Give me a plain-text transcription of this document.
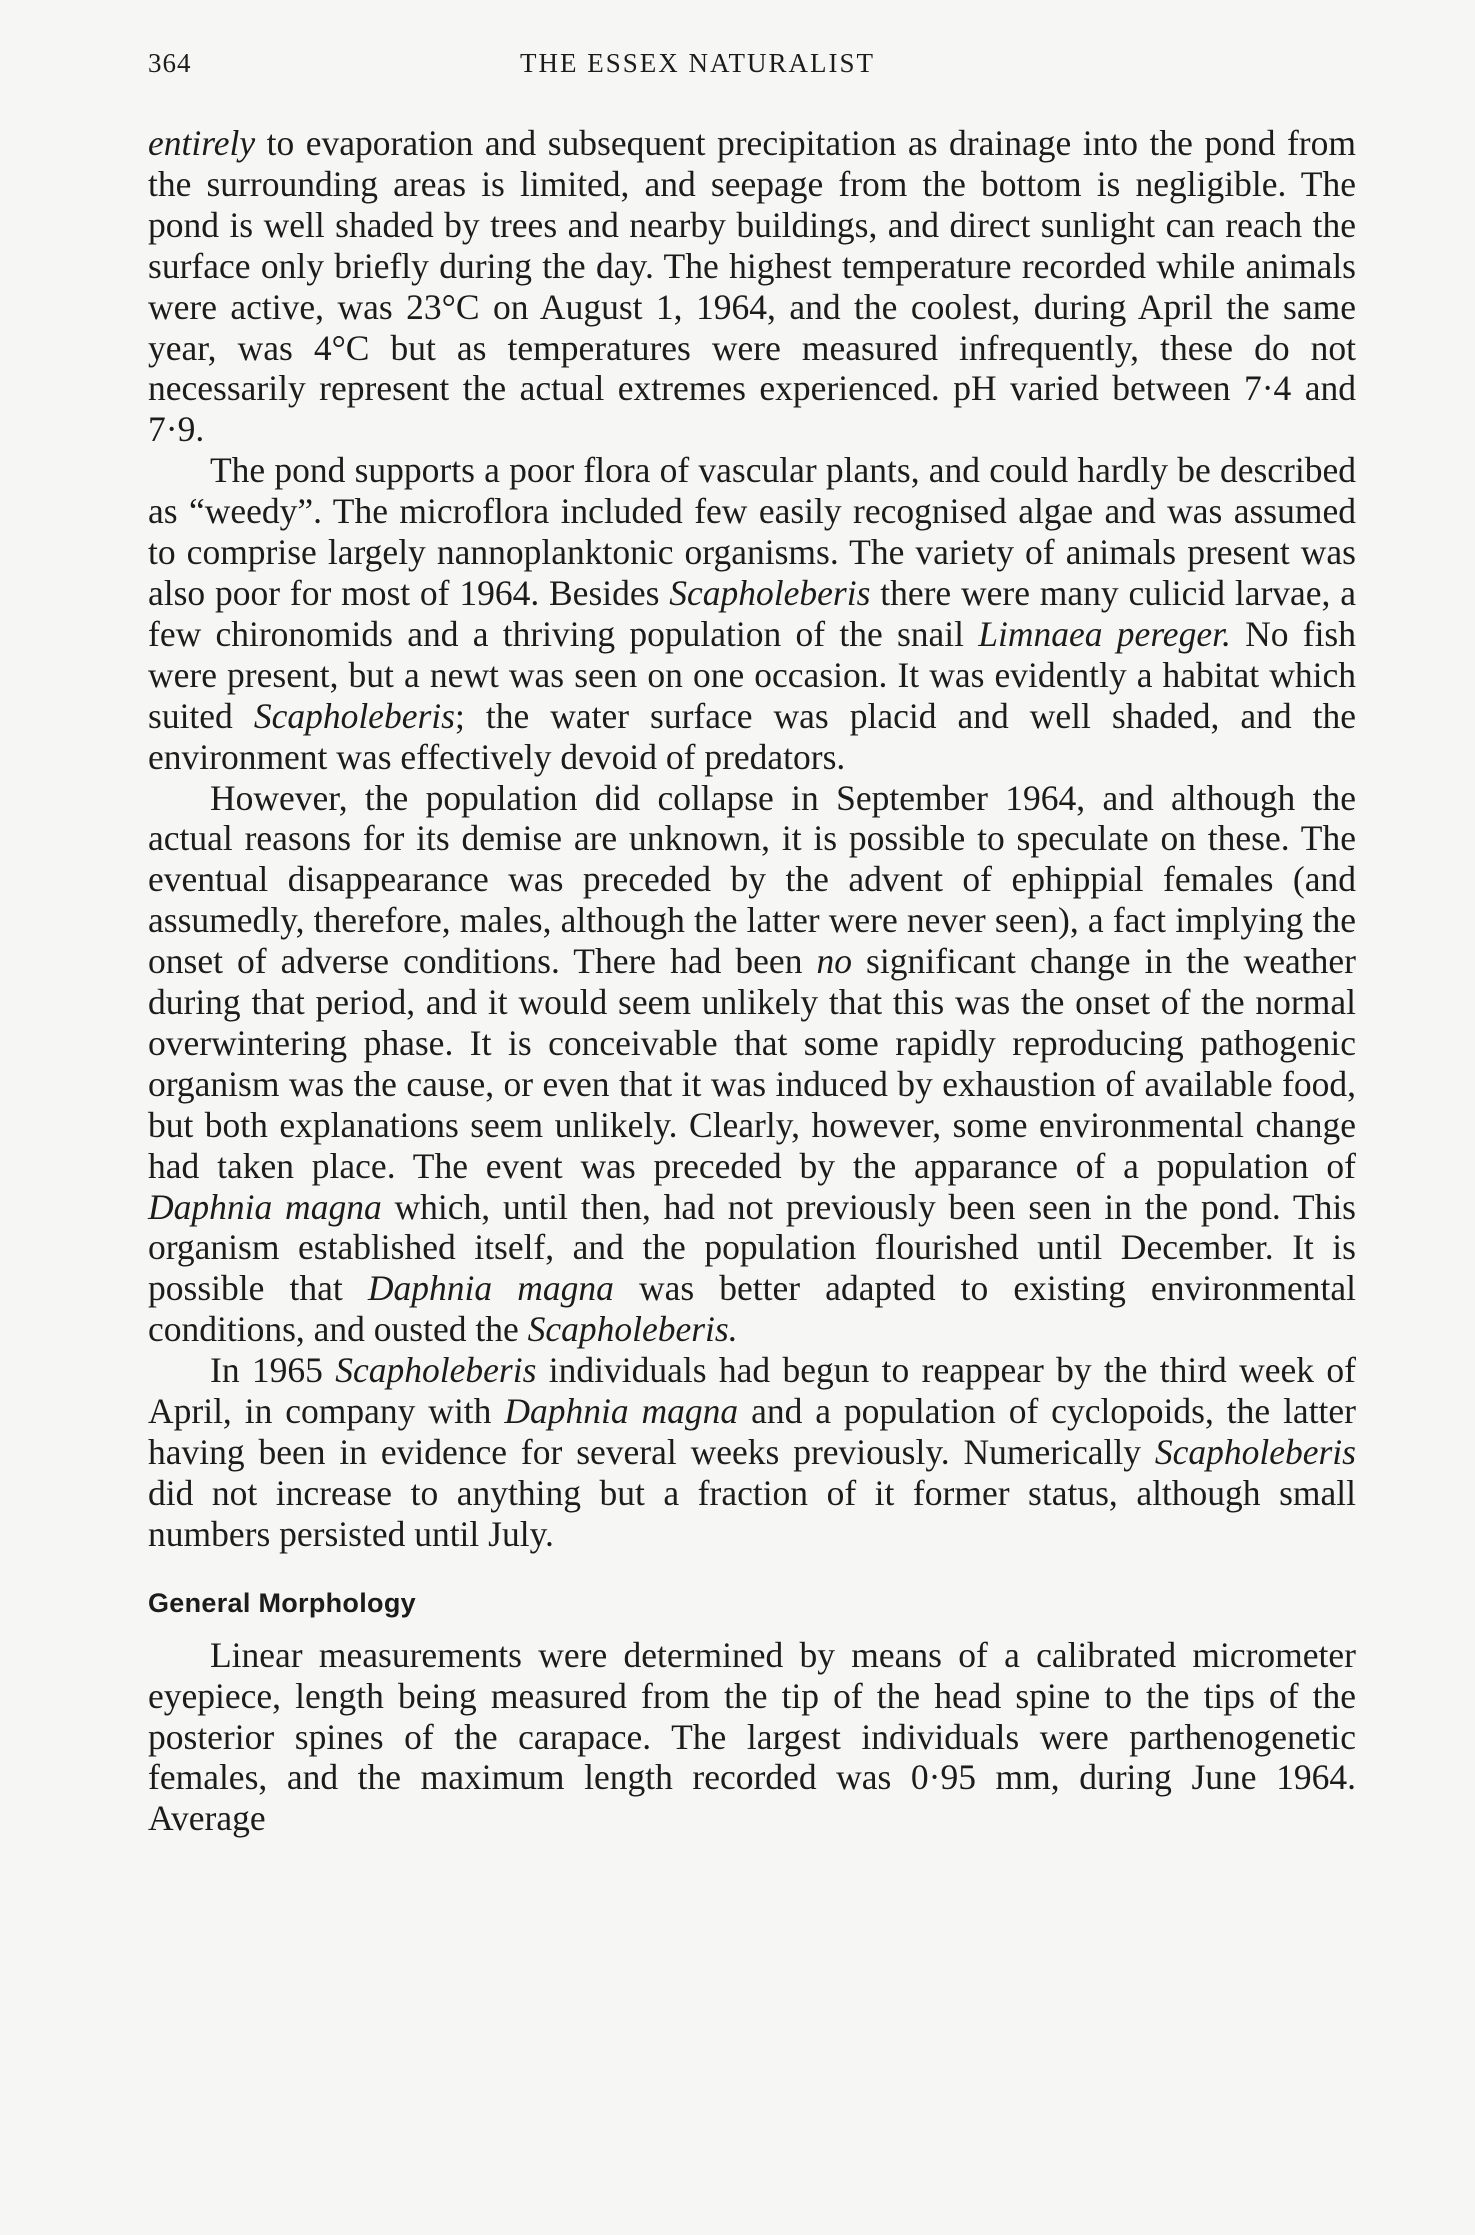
364	THE ESSEX NATURALIST

entirely to evaporation and subsequent precipitation as drainage into the pond from the surrounding areas is limited, and seepage from the bottom is negligible. The pond is well shaded by trees and nearby buildings, and direct sunlight can reach the surface only briefly during the day. The highest temperature recorded while animals were active, was 23°C on August 1, 1964, and the coolest, during April the same year, was 4°C but as temperatures were measured infrequently, these do not necessarily represent the actual extremes experienced. pH varied between 7·4 and 7·9.

The pond supports a poor flora of vascular plants, and could hardly be described as “weedy”. The microflora included few easily recognised algae and was assumed to comprise largely nannoplanktonic organisms. The variety of animals present was also poor for most of 1964. Besides Scapholeberis there were many culicid larvae, a few chironomids and a thriving population of the snail Limnaea pereger. No fish were present, but a newt was seen on one occasion. It was evidently a habitat which suited Scapholeberis; the water surface was placid and well shaded, and the environment was effectively devoid of predators.

However, the population did collapse in September 1964, and although the actual reasons for its demise are unknown, it is possible to speculate on these. The eventual disappearance was preceded by the advent of ephippial females (and assumedly, therefore, males, although the latter were never seen), a fact implying the onset of adverse conditions. There had been no significant change in the weather during that period, and it would seem unlikely that this was the onset of the normal overwintering phase. It is conceivable that some rapidly reproducing pathogenic organism was the cause, or even that it was induced by exhaustion of available food, but both explanations seem unlikely. Clearly, however, some environmental change had taken place. The event was preceded by the apparance of a population of Daphnia magna which, until then, had not previously been seen in the pond. This organism established itself, and the population flourished until December. It is possible that Daphnia magna was better adapted to existing environmental conditions, and ousted the Scapholeberis.

In 1965 Scapholeberis individuals had begun to reappear by the third week of April, in company with Daphnia magna and a population of cyclopoids, the latter having been in evidence for several weeks previously. Numerically Scapholeberis did not increase to anything but a fraction of it former status, although small numbers persisted until July.

General Morphology

Linear measurements were determined by means of a calibrated micrometer eyepiece, length being measured from the tip of the head spine to the tips of the posterior spines of the carapace. The largest individuals were parthenogenetic females, and the maximum length recorded was 0·95 mm, during June 1964. Average
